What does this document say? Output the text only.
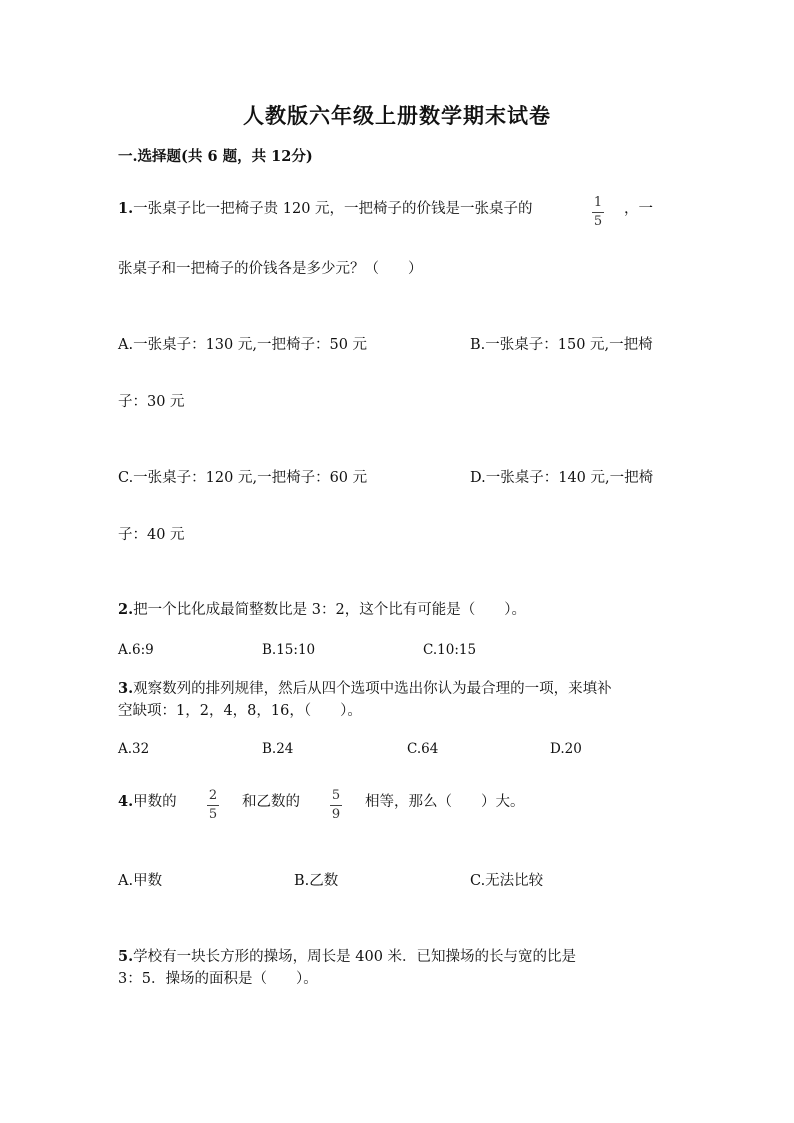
人教版六年级上册数学期末试卷
一.选择题(共 6 题，共 12分)
1.一张桌子比一把椅子贵 120 元，一把椅子的价钱是一张桌子的	1
5
，一
张桌子和一把椅子的价钱各是多少元？（　　）
A.一张桌子：130 元,一把椅子：50 元	B.一张桌子：150 元,一把椅
子：30 元
C.一张桌子：120 元,一把椅子：60 元	D.一张桌子：140 元,一把椅
子：40 元
2.把一个比化成最简整数比是 3：2，这个比有可能是（　　）。
A.6:9	B.15:10	C.10:15
3.观察数列的排列规律，然后从四个选项中选出你认为最合理的一项，来填补
空缺项：1，2，4，8，16，（　　）。
A.32	B.24	C.64	D.20
4.甲数的 2
5
和乙数的 5
9
相等，那么（　　）大。
A.甲数	B.乙数	C.无法比较
5.学校有一块长方形的操场，周长是 400 米．已知操场的长与宽的比是
3：5．操场的面积是（　　）。
